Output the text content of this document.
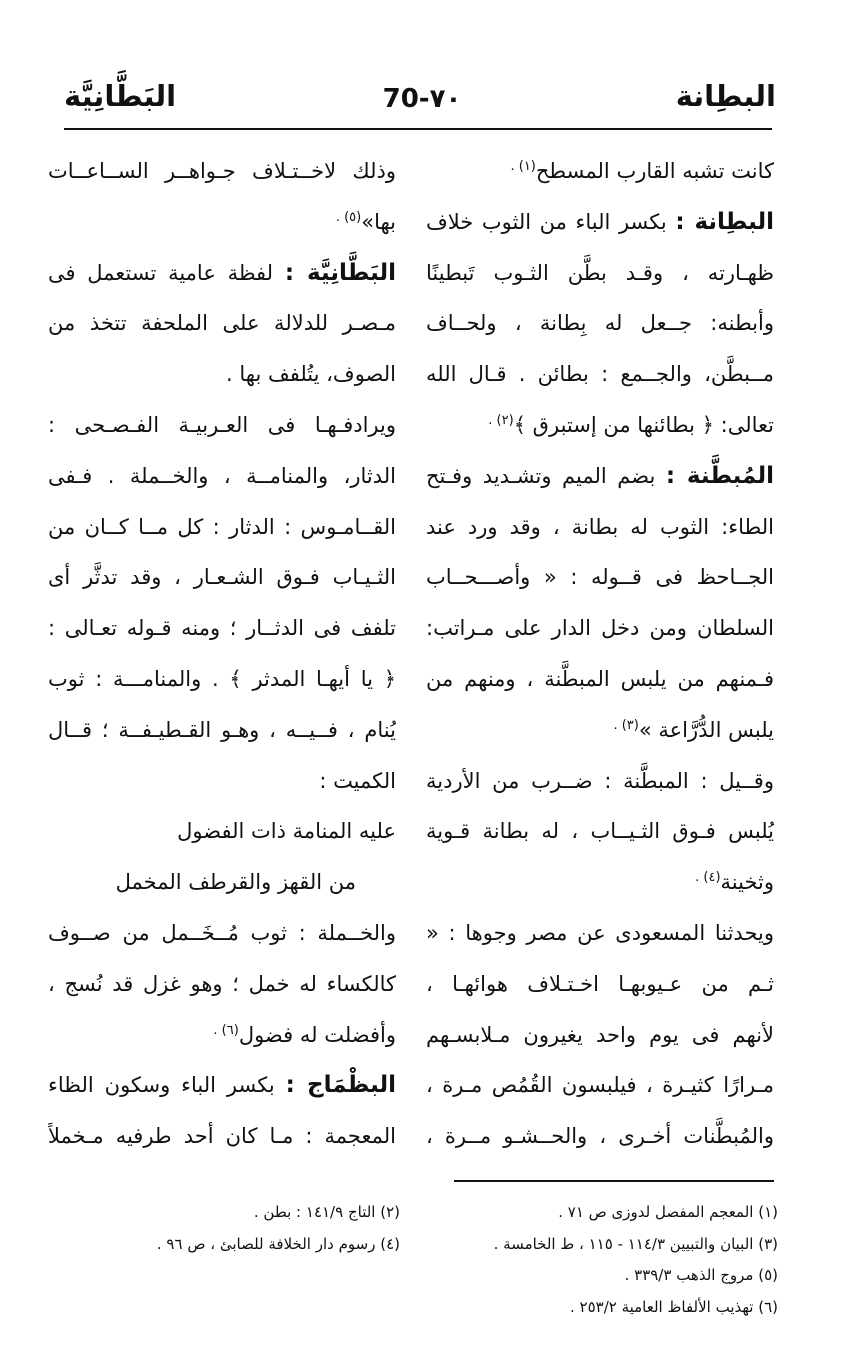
البطِانة
70-٧٠
البَطَّانِيَّة
كانت تشبه القارب المسطح$^{(١) .}$
البطِانة : بكسر الباء من الثوب خلاف
ظهـارته ، وقـد بطَّن الثـوب تَبطينًا
وأبطنه: جــعل له بِطانة ، ولحــاف
مــبطَّن، والجــمع : بطائن . قـال الله
تعالى: ﴿ بطائنها من إستبرق ﴾$^{(٢) .}$
المُبطَّنة : بضم الميم وتشـديد وفـتح
الطاء: الثوب له بطانة ، وقد ورد عند
الجــاحظ فى قــوله : « وأصـــحــاب
السلطان ومن دخل الدار على مـراتب:
فـمنهم من يلبس المبطَّنة ، ومنهم من
يلبس الدُّرَّاعة »$^{(٣) .}$
وقــيل : المبطَّنة : ضــرب من الأردية
يُلبس فـوق الثـيــاب ، له بطانة قـوية
وثخينة$^{(٤) .}$
ويحدثنا المسعودى عن مصر وجوها : «
ثـم من عـيوبهـا اخـتـلاف هوائهـا ،
لأنهم فى يوم واحد يغيرون مـلابسـهم
مـرارًا كثيـرة ، فيلبسون القُمُص مـرة ،
والمُبطَّنات أخـرى ، والحــشـو مــرة ،
وذلك لاخــتـلاف جـواهــر الســاعــات
بها»$^{(٥) .}$
البَطَّانِيَّة : لفظة عامية تستعمل فى
مـصـر للدلالة على الملحفة تتخذ من
الصوف، يتُلفف بها .
ويرادفـهـا فى العـربيـة الفـصـحى :
الدثار، والمنامــة ، والخــملة . فـفى
القــامـوس : الدثار : كل مــا كــان من
الثـيـاب فـوق الشـعـار ، وقد تدثَّر أى
تلفف فى الدثــار ؛ ومنه قـوله تعـالى :
﴿ يا أيهـا المدثر ﴾ . والمنامـــة : ثوب
يُنام ، فــيــه ، وهـو القـطيـفــة ؛ قــال
الكميت :
عليه المنامة ذات الفضول
من القهز والقرطف المخمل
والخــملة : ثوب مُــخَــمل من صــوف
كالكساء له خمل ؛ وهو غزل قد نُسج ،
وأفضلت له فضول$^{(٦) .}$
البظْمَاج : بكسر الباء وسكون الظاء
المعجمة : مـا كان أحد طرفيه مـخملاً
(١) المعجم المفصل لدوزى ص ٧١ .
(٣) البيان والتبيين ١١٤/٣ - ١١٥ ، ط الخامسة .
(٥) مروج الذهب ٣٣٩/٣ .
(٦) تهذيب الألفاظ العامية ٢٥٣/٢ .
(٢) التاج ١٤١/٩ : بطن .
(٤) رسوم دار الخلافة للصابئ ، ص ٩٦ .
